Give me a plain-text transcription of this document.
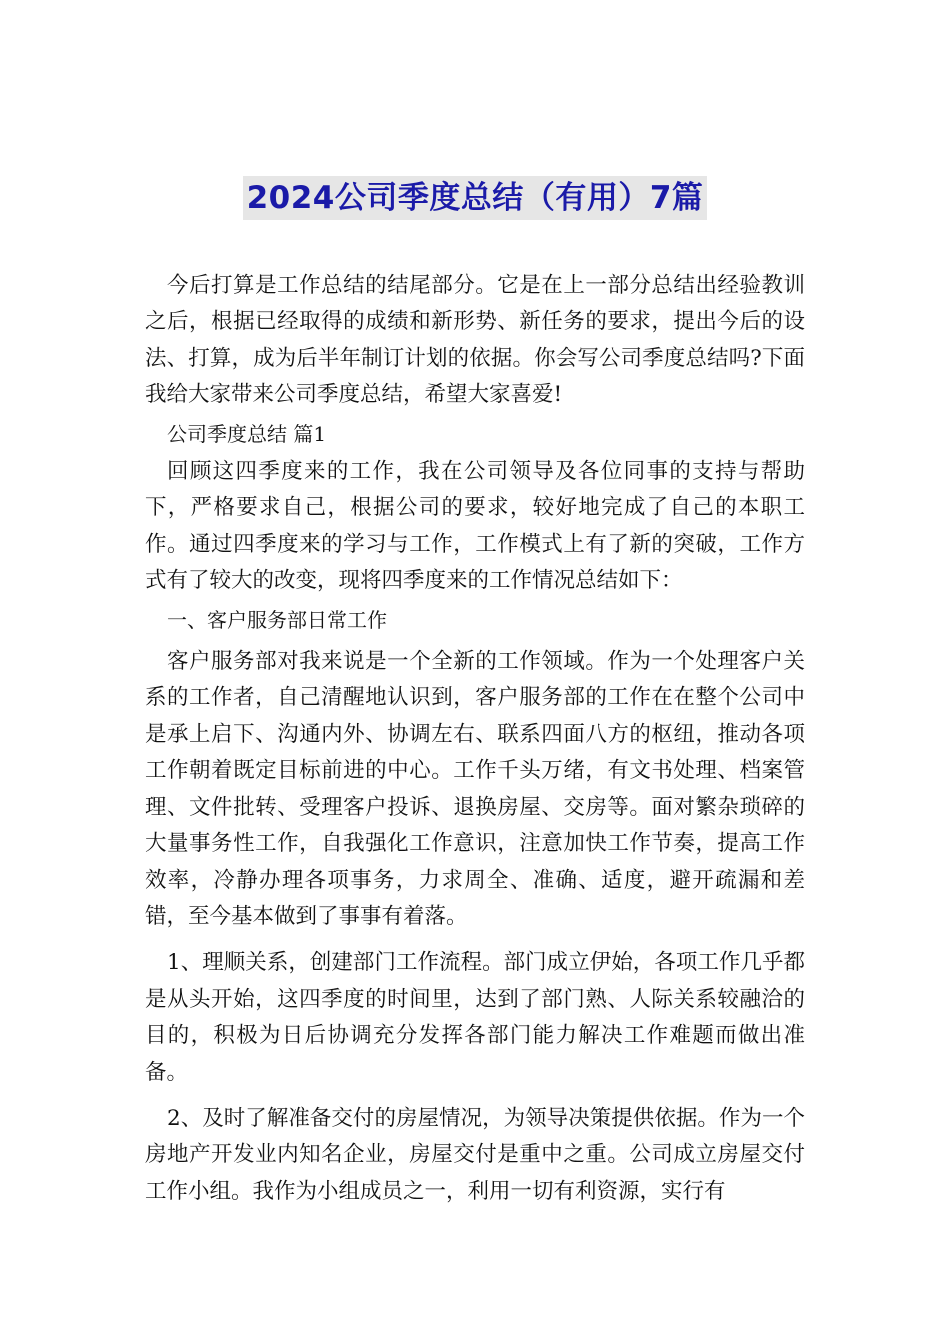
2024公司季度总结（有用）7篇

今后打算是工作总结的结尾部分。它是在上一部分总结出经验教训之后，根据已经取得的成绩和新形势、新任务的要求，提出今后的设法、打算，成为后半年制订计划的依据。你会写公司季度总结吗?下面我给大家带来公司季度总结，希望大家喜爱!

公司季度总结 篇1

回顾这四季度来的工作，我在公司领导及各位同事的支持与帮助下，严格要求自己，根据公司的要求，较好地完成了自己的本职工作。通过四季度来的学习与工作，工作模式上有了新的突破，工作方式有了较大的改变，现将四季度来的工作情况总结如下：

一、客户服务部日常工作

客户服务部对我来说是一个全新的工作领域。作为一个处理客户关系的工作者，自己清醒地认识到，客户服务部的工作在在整个公司中是承上启下、沟通内外、协调左右、联系四面八方的枢纽，推动各项工作朝着既定目标前进的中心。工作千头万绪，有文书处理、档案管理、文件批转、受理客户投诉、退换房屋、交房等。面对繁杂琐碎的大量事务性工作，自我强化工作意识，注意加快工作节奏，提高工作效率，冷静办理各项事务，力求周全、准确、适度，避开疏漏和差错，至今基本做到了事事有着落。

1、理顺关系，创建部门工作流程。部门成立伊始，各项工作几乎都是从头开始，这四季度的时间里，达到了部门熟、人际关系较融洽的目的，积极为日后协调充分发挥各部门能力解决工作难题而做出准备。

2、及时了解准备交付的房屋情况，为领导决策提供依据。作为一个房地产开发业内知名企业，房屋交付是重中之重。公司成立房屋交付工作小组。我作为小组成员之一，利用一切有利资源，实行有
